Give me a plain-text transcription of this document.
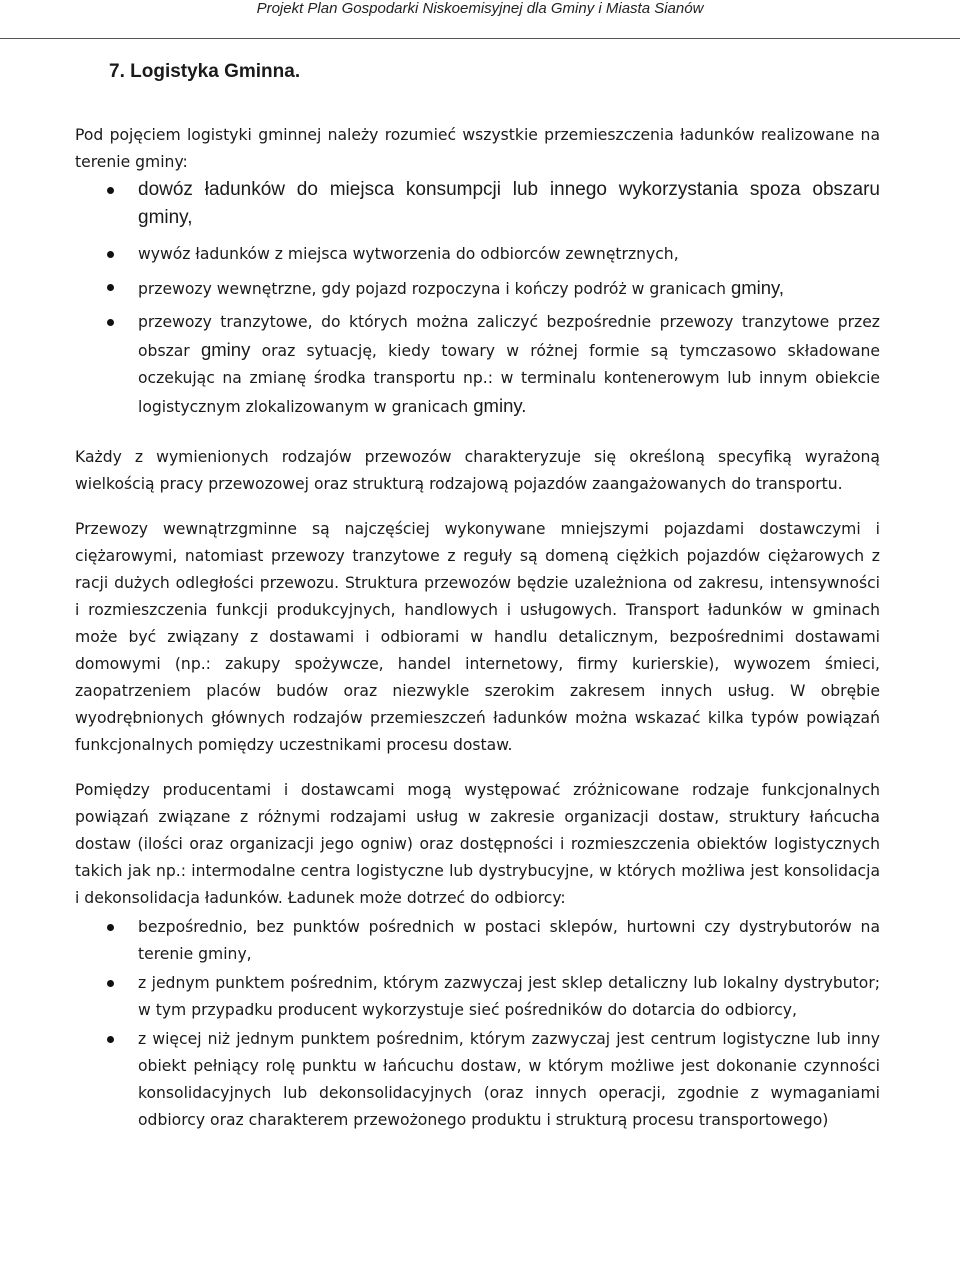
Projekt Plan Gospodarki Niskoemisyjnej dla Gminy i Miasta Sianów
7. Logistyka Gminna.

Pod pojęciem logistyki gminnej należy rozumieć wszystkie przemieszczenia ładunków realizowane na terenie gminy:

dowóz ładunków do miejsca konsumpcji lub innego wykorzystania spoza obszaru gminy,
wywóz ładunków z miejsca wytworzenia do odbiorców zewnętrznych,
przewozy wewnętrzne, gdy pojazd rozpoczyna i kończy podróż w granicach gminy,
przewozy tranzytowe, do których można zaliczyć bezpośrednie przewozy tranzytowe przez obszar gminy oraz sytuację, kiedy towary w różnej formie są tymczasowo składowane oczekując na zmianę środka transportu np.: w terminalu kontenerowym lub innym obiekcie logistycznym zlokalizowanym w granicach gminy.

Każdy z wymienionych rodzajów przewozów charakteryzuje się określoną specyfiką wyrażoną wielkością pracy przewozowej oraz strukturą rodzajową pojazdów zaangażowanych do transportu.

Przewozy wewnątrzgminne są najczęściej wykonywane mniejszymi pojazdami dostawczymi i ciężarowymi, natomiast przewozy tranzytowe z reguły są domeną ciężkich pojazdów ciężarowych z racji dużych odległości przewozu. Struktura przewozów będzie uzależniona od zakresu, intensywności i rozmieszczenia funkcji produkcyjnych, handlowych i usługowych. Transport ładunków w gminach może być związany z dostawami i odbiorami w handlu detalicznym, bezpośrednimi dostawami domowymi (np.: zakupy spożywcze, handel internetowy, firmy kurierskie), wywozem śmieci, zaopatrzeniem placów budów oraz niezwykle szerokim zakresem innych usług. W obrębie wyodrębnionych głównych rodzajów przemieszczeń ładunków można wskazać kilka typów powiązań funkcjonalnych pomiędzy uczestnikami procesu dostaw.

Pomiędzy producentami i dostawcami mogą występować zróżnicowane rodzaje funkcjonalnych powiązań związane z różnymi rodzajami usług w zakresie organizacji dostaw, struktury łańcucha dostaw (ilości oraz organizacji jego ogniw) oraz dostępności i rozmieszczenia obiektów logistycznych takich jak np.: intermodalne centra logistyczne lub dystrybucyjne, w których możliwa jest konsolidacja i dekonsolidacja ładunków. Ładunek może dotrzeć do odbiorcy:

bezpośrednio, bez punktów pośrednich w postaci sklepów, hurtowni czy dystrybutorów na terenie gminy,
z jednym punktem pośrednim, którym zazwyczaj jest sklep detaliczny lub lokalny dystrybutor; w tym przypadku producent wykorzystuje sieć pośredników do dotarcia do odbiorcy,
z więcej niż jednym punktem pośrednim, którym zazwyczaj jest centrum logistyczne lub inny obiekt pełniący rolę punktu w łańcuchu dostaw, w którym możliwe jest dokonanie czynności konsolidacyjnych lub dekonsolidacyjnych (oraz innych operacji, zgodnie z wymaganiami odbiorcy oraz charakterem przewożonego produktu i strukturą procesu transportowego)
